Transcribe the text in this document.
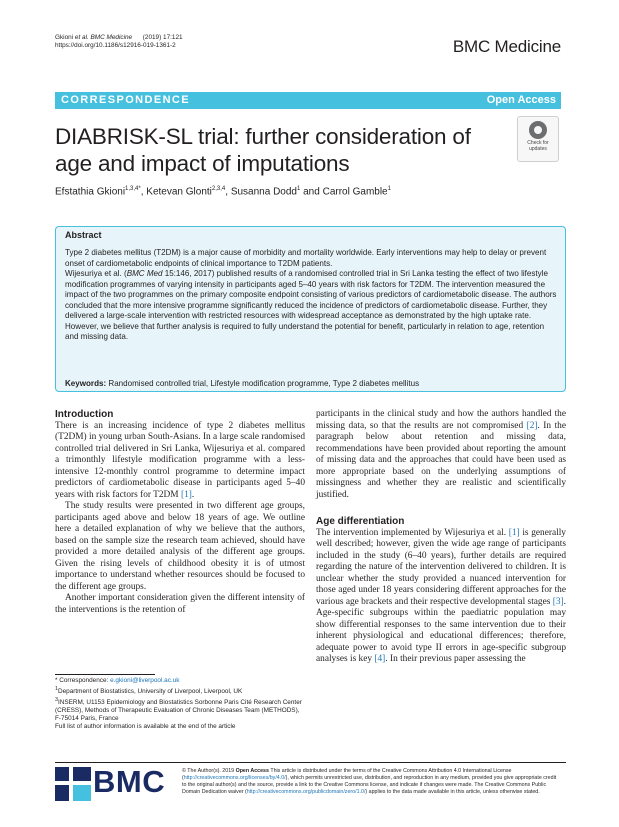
Gkioni et al. BMC Medicine (2019) 17:121
https://doi.org/10.1186/s12916-019-1361-2	BMC Medicine
CORRESPONDENCE	Open Access
DIABRISK-SL trial: further consideration of age and impact of imputations
Check for
updates
Efstathia Gkioni$^{1,3,4*}$, Ketevan Glonti$^{2,3,4}$, Susanna Dodd$^1$ and Carrol Gamble$^1$
Abstract

Type 2 diabetes mellitus (T2DM) is a major cause of morbidity and mortality worldwide. Early interventions may help to delay or prevent onset of cardiometabolic endpoints of clinical importance to T2DM patients.

Wijesuriya et al. (BMC Med 15:146, 2017) published results of a randomised controlled trial in Sri Lanka testing the effect of two lifestyle modification programmes of varying intensity in participants aged 5–40 years with risk factors for T2DM. The intervention measured the impact of the two programmes on the primary composite endpoint consisting of various predictors of cardiometabolic disease. The authors concluded that the more intensive programme significantly reduced the incidence of predictors of cardiometabolic disease. Further, they delivered a large-scale intervention with restricted resources with widespread acceptance as demonstrated by the high uptake rate. However, we believe that further analysis is required to fully understand the potential for benefit, particularly in relation to age, retention and missing data.

Keywords: Randomised controlled trial, Lifestyle modification programme, Type 2 diabetes mellitus
Introduction

There is an increasing incidence of type 2 diabetes mellitus (T2DM) in young urban South-Asians. In a large scale randomised controlled trial delivered in Sri Lanka, Wijesuriya et al. compared a trimonthly lifestyle modification programme with a less-intensive 12-monthly control programme to determine impact predictors of cardiometabolic disease in participants aged 5–40 years with risk factors for T2DM [1].

The study results were presented in two different age groups, participants aged above and below 18 years of age. We outline here a detailed explanation of why we believe that the authors, based on the sample size the research team achieved, should have provided a more detailed analysis of the different age groups. Given the rising levels of childhood obesity it is of utmost importance to understand whether resources should be focused to the different age groups.

Another important consideration given the different intensity of the interventions is the retention of

* Correspondence: e.gkioni@liverpool.ac.uk

$^1$Department of Biostatistics, University of Liverpool, Liverpool, UK

$^3$INSERM, U1153 Epidemiology and Biostatistics Sorbonne Paris Cité Research Center (CRESS), Methods of Therapeutic Evaluation of Chronic Diseases Team (METHODS), F-75014 Paris, France

Full list of author information is available at the end of the article

participants in the clinical study and how the authors handled the missing data, so that the results are not compromised [2]. In the paragraph below about retention and missing data, recommendations have been provided about reporting the amount of missing data and the approaches that could have been used as more appropriate based on the underlying assumptions of missingness and whether they are realistic and scientifically justified.

Age differentiation

The intervention implemented by Wijesuriya et al. [1] is generally well described; however, given the wide age range of participants included in the study (6–40 years), further details are required regarding the nature of the intervention delivered to children. It is unclear whether the study provided a nuanced intervention for those aged under 18 years considering different approaches for the various age brackets and their respective developmental stages [3]. Age-specific subgroups within the paediatric population may show differential responses to the same intervention due to their inherent physiological and educational differences; therefore, adequate power to avoid type II errors in age-specific subgroup analyses is key [4]. In their previous paper assessing the

BMC	© The Author(s). 2019 Open Access This article is distributed under the terms of the Creative Commons Attribution 4.0 International License (http://creativecommons.org/licenses/by/4.0/), which permits unrestricted use, distribution, and reproduction in any medium, provided you give appropriate credit to the original author(s) and the source, provide a link to the Creative Commons license, and indicate if changes were made. The Creative Commons Public Domain Dedication waiver (http://creativecommons.org/publicdomain/zero/1.0/) applies to the data made available in this article, unless otherwise stated.
